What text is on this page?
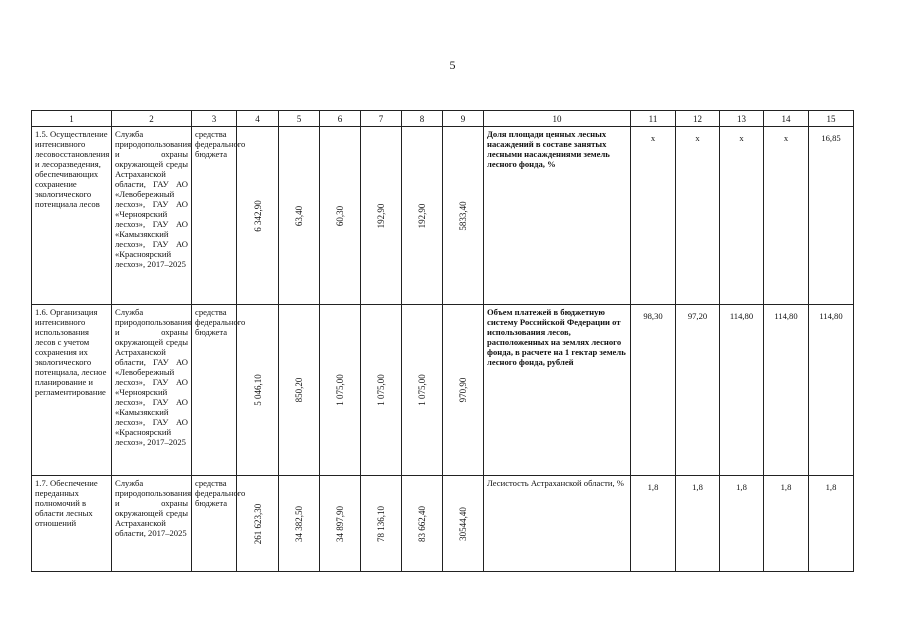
5
1	2	3	4	5	6	7	8	9	10	11	12	13	14	15
1.5. Осуществление интенсивного лесовосстановления и лесоразведения, обеспечивающих сохранение экологического потенциала лесов	Служба природопользования и охраны окружающей среды Астраханской области, ГАУ АО «Левобережный лесхоз», ГАУ АО «Черноярский лесхоз», ГАУ АО «Камызякский лесхоз», ГАУ АО «Красноярский лесхоз», 2017–2025	средства федерального бюджета	6 342,90	63,40	60,30	192,90	192,90	5833,40	Доля площади ценных лесных насаждений в составе занятых лесными насаждениями земель лесного фонда, %	х	х	х	х	16,85
1.6. Организация интенсивного использования лесов с учетом сохранения их экологического потенциала, лесное планирование и регламентирование	Служба природопользования и охраны окружающей среды Астраханской области, ГАУ АО «Левобережный лесхоз», ГАУ АО «Черноярский лесхоз», ГАУ АО «Камызякский лесхоз», ГАУ АО «Красноярский лесхоз», 2017–2025	средства федерального бюджета	5 046,10	850,20	1 075,00	1 075,00	1 075,00	970,90	Объем платежей в бюджетную систему Российской Федерации от использования лесов, расположенных на землях лесного фонда, в расчете на 1 гектар земель лесного фонда, рублей	98,30	97,20	114,80	114,80	114,80
1.7. Обеспечение переданных полномочий в области лесных отношений	Служба природопользования и охраны окружающей среды Астраханской области, 2017–2025	средства федерального бюджета	261 623,30	34 382,50	34 897,90	78 136,10	83 662,40	30544,40	Лесистость Астраханской области, %	1,8	1,8	1,8	1,8	1,8
